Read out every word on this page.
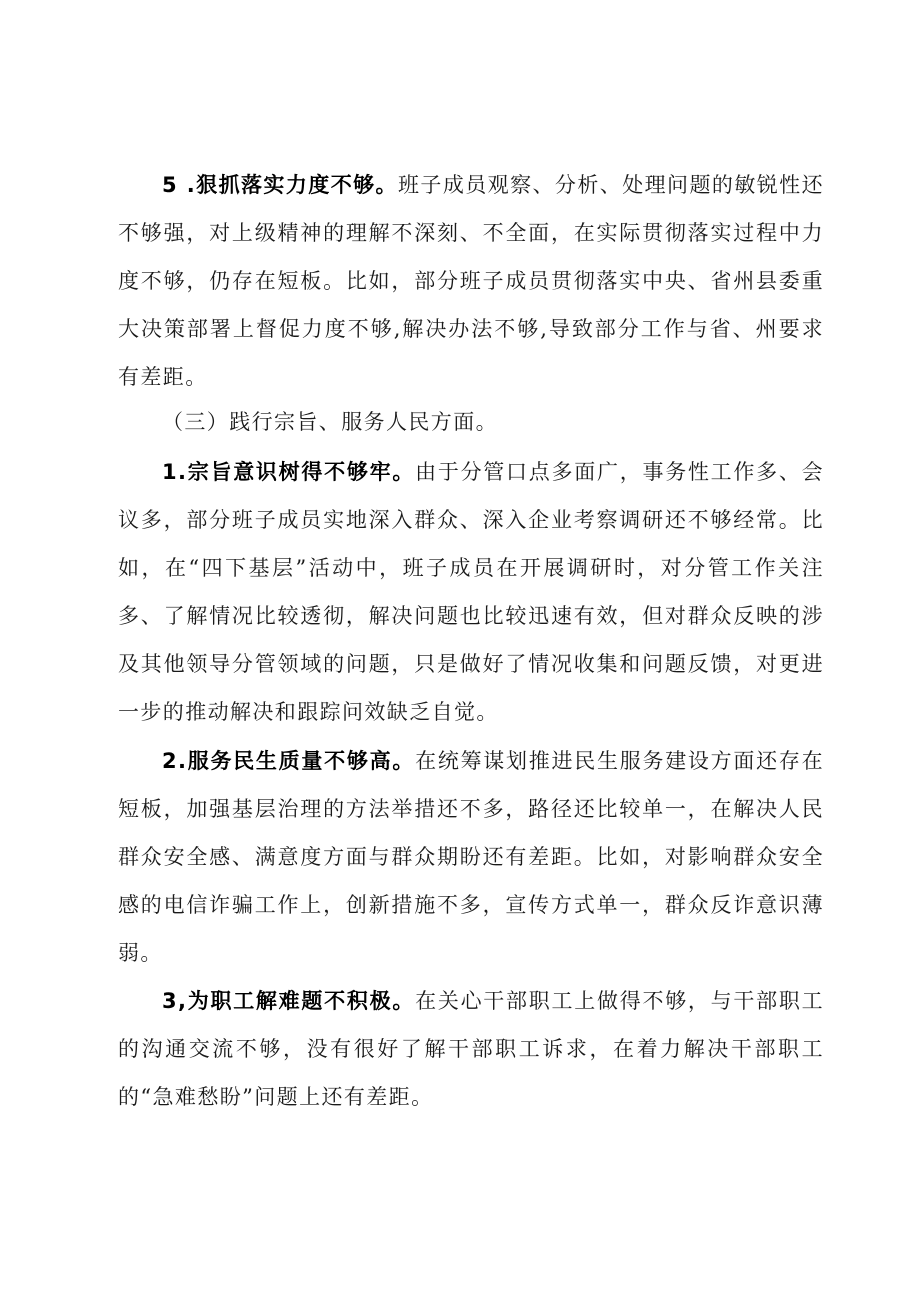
5 .狠抓落实力度不够。班子成员观察、分析、处理问题的敏锐性还不够强，对上级精神的理解不深刻、不全面，在实际贯彻落实过程中力度不够，仍存在短板。比如，部分班子成员贯彻落实中央、省州县委重大决策部署上督促力度不够,解决办法不够,导致部分工作与省、州要求有差距。

（三）践行宗旨、服务人民方面。

1.宗旨意识树得不够牢。由于分管口点多面广，事务性工作多、会议多，部分班子成员实地深入群众、深入企业考察调研还不够经常。比如，在“四下基层”活动中，班子成员在开展调研时，对分管工作关注多、了解情况比较透彻，解决问题也比较迅速有效，但对群众反映的涉及其他领导分管领域的问题，只是做好了情况收集和问题反馈，对更进一步的推动解决和跟踪问效缺乏自觉。

2.服务民生质量不够高。在统筹谋划推进民生服务建设方面还存在短板，加强基层治理的方法举措还不多，路径还比较单一，在解决人民群众安全感、满意度方面与群众期盼还有差距。比如，对影响群众安全感的电信诈骗工作上，创新措施不多，宣传方式单一，群众反诈意识薄弱。

3,为职工解难题不积极。在关心干部职工上做得不够，与干部职工的沟通交流不够，没有很好了解干部职工诉求，在着力解决干部职工的“急难愁盼”问题上还有差距。
